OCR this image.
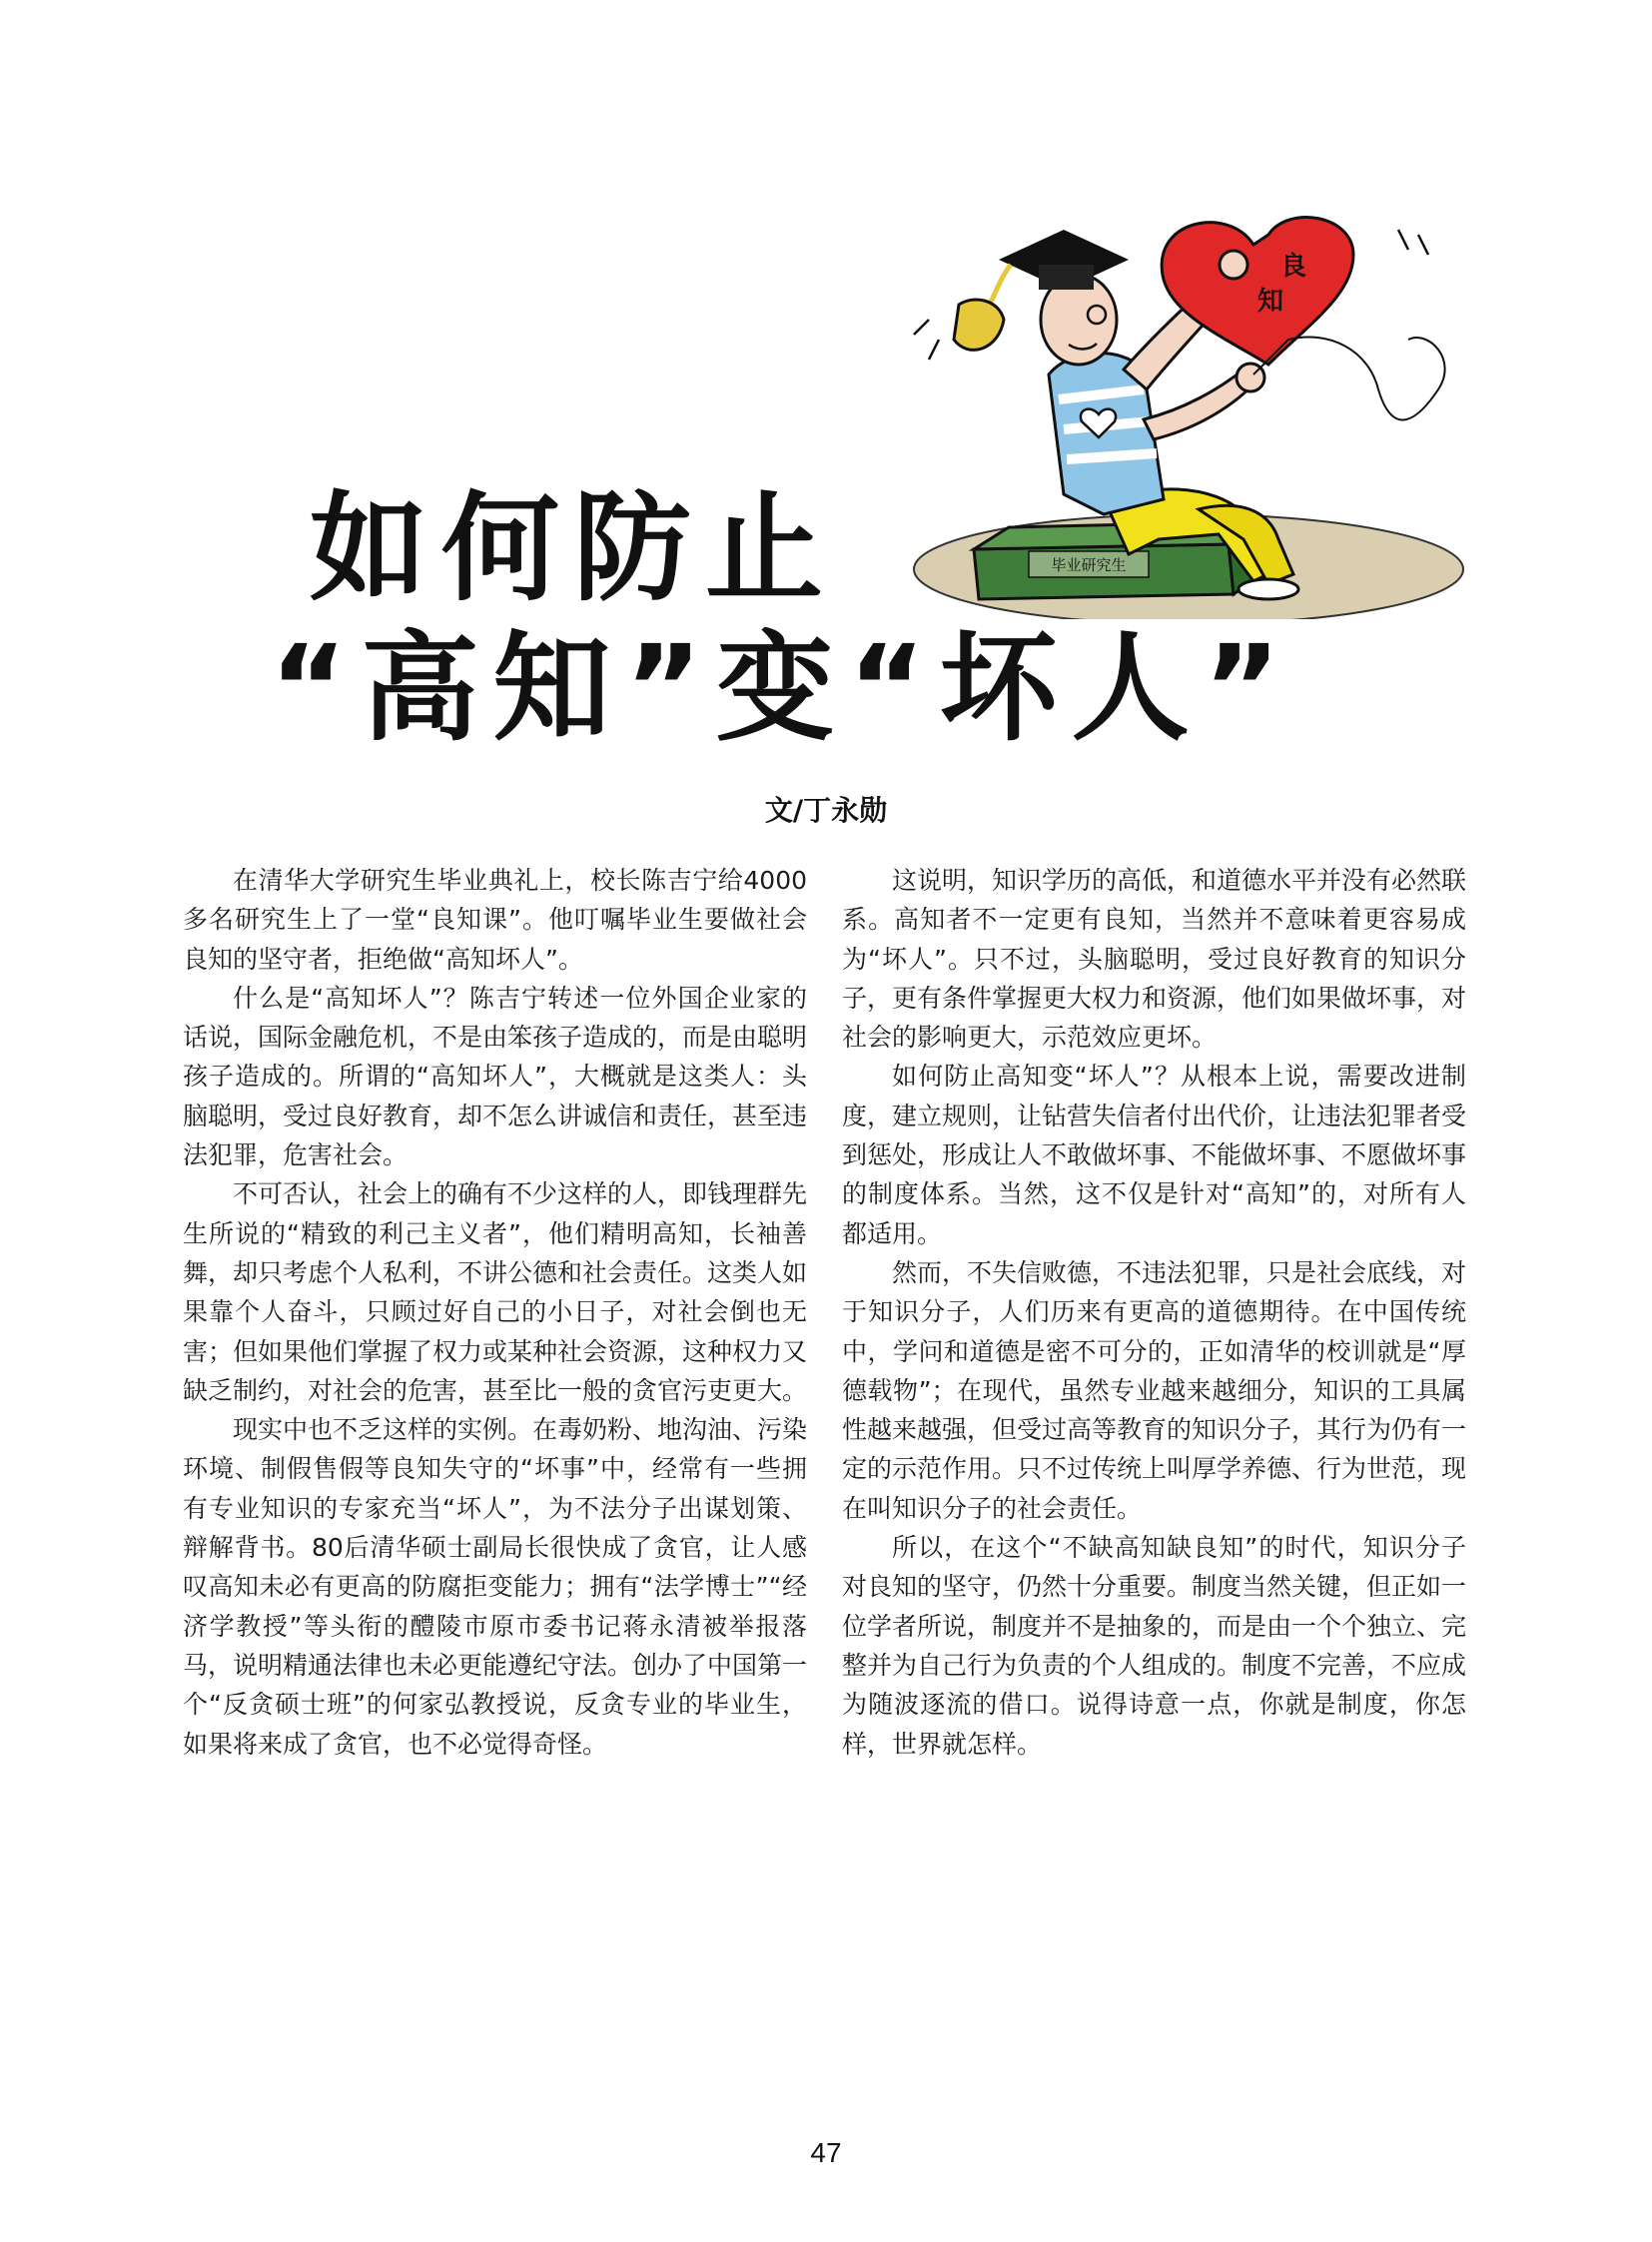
毕业研究生
良
知
如何防止
“高知”变“坏人”
文/丁永勋

在清华大学研究生毕业典礼上，校长陈吉宁给4000多名研究生上了一堂“良知课”。他叮嘱毕业生要做社会良知的坚守者，拒绝做“高知坏人”。

什么是“高知坏人”？陈吉宁转述一位外国企业家的话说，国际金融危机，不是由笨孩子造成的，而是由聪明孩子造成的。所谓的“高知坏人”，大概就是这类人：头脑聪明，受过良好教育，却不怎么讲诚信和责任，甚至违法犯罪，危害社会。

不可否认，社会上的确有不少这样的人，即钱理群先生所说的“精致的利己主义者”，他们精明高知，长袖善舞，却只考虑个人私利，不讲公德和社会责任。这类人如果靠个人奋斗，只顾过好自己的小日子，对社会倒也无害；但如果他们掌握了权力或某种社会资源，这种权力又缺乏制约，对社会的危害，甚至比一般的贪官污吏更大。

现实中也不乏这样的实例。在毒奶粉、地沟油、污染环境、制假售假等良知失守的“坏事”中，经常有一些拥有专业知识的专家充当“坏人”，为不法分子出谋划策、辩解背书。80后清华硕士副局长很快成了贪官，让人感叹高知未必有更高的防腐拒变能力；拥有“法学博士”“经济学教授”等头衔的醴陵市原市委书记蒋永清被举报落马，说明精通法律也未必更能遵纪守法。创办了中国第一个“反贪硕士班”的何家弘教授说，反贪专业的毕业生，如果将来成了贪官，也不必觉得奇怪。

这说明，知识学历的高低，和道德水平并没有必然联系。高知者不一定更有良知，当然并不意味着更容易成为“坏人”。只不过，头脑聪明，受过良好教育的知识分子，更有条件掌握更大权力和资源，他们如果做坏事，对社会的影响更大，示范效应更坏。

如何防止高知变“坏人”？从根本上说，需要改进制度，建立规则，让钻营失信者付出代价，让违法犯罪者受到惩处，形成让人不敢做坏事、不能做坏事、不愿做坏事的制度体系。当然，这不仅是针对“高知”的，对所有人都适用。

然而，不失信败德，不违法犯罪，只是社会底线，对于知识分子，人们历来有更高的道德期待。在中国传统中，学问和道德是密不可分的，正如清华的校训就是“厚德载物”；在现代，虽然专业越来越细分，知识的工具属性越来越强，但受过高等教育的知识分子，其行为仍有一定的示范作用。只不过传统上叫厚学养德、行为世范，现在叫知识分子的社会责任。

所以，在这个“不缺高知缺良知”的时代，知识分子对良知的坚守，仍然十分重要。制度当然关键，但正如一位学者所说，制度并不是抽象的，而是由一个个独立、完整并为自己行为负责的个人组成的。制度不完善，不应成为随波逐流的借口。说得诗意一点，你就是制度，你怎样，世界就怎样。

47
